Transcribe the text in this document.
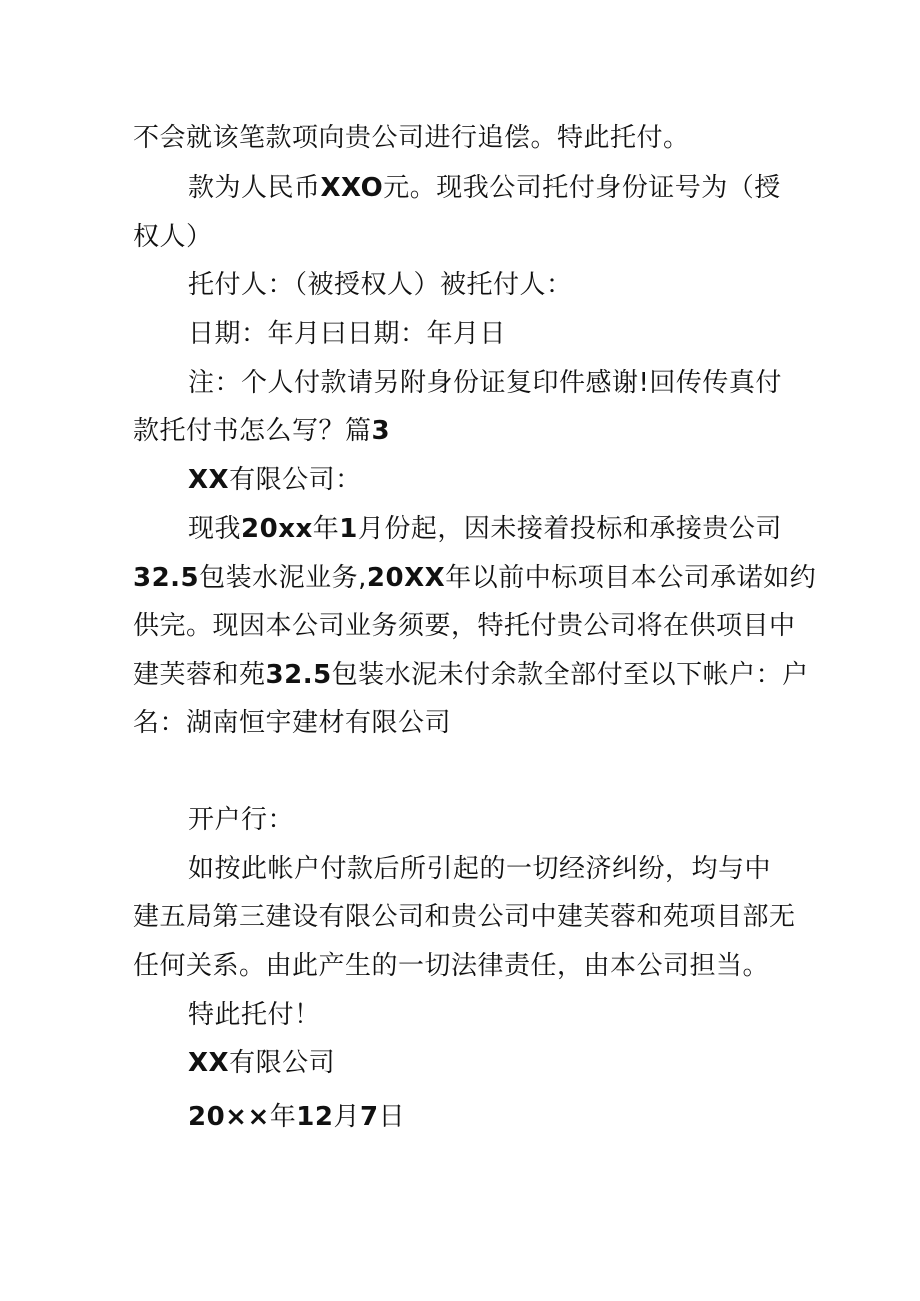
不会就该笔款项向贵公司进行追偿。特此托付。
款为人民币XXO元。现我公司托付身份证号为（授
权人）
托付人：（被授权人）被托付人：
日期：年月曰日期：年月日
注：个人付款请另附身份证复印件感谢!回传传真付
款托付书怎么写？篇3
XX有限公司：
现我20xx年1月份起，因未接着投标和承接贵公司
32.5包装水泥业务,20XX年以前中标项目本公司承诺如约
供完。现因本公司业务须要，特托付贵公司将在供项目中
建芙蓉和苑32.5包装水泥未付余款全部付至以下帐户：户
名：湖南恒宇建材有限公司
开户行：
如按此帐户付款后所引起的一切经济纠纷，均与中
建五局第三建设有限公司和贵公司中建芙蓉和苑项目部无
任何关系。由此产生的一切法律责任，由本公司担当。
特此托付！
XX有限公司
20××年12月7日
